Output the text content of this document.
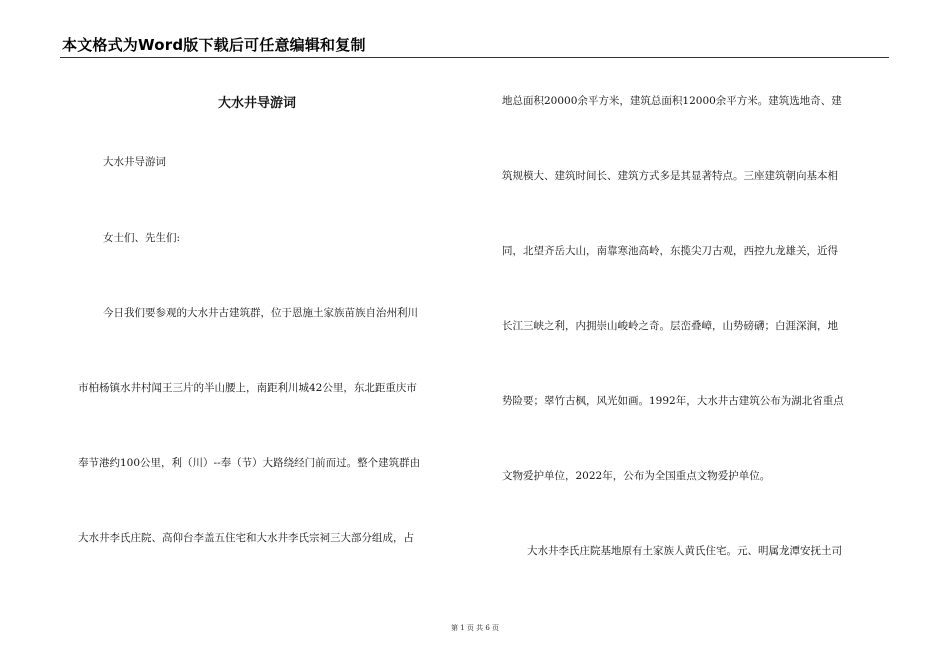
本文格式为Word版下载后可任意编辑和复制
大水井导游词
大水井导游词
女士们、先生们:
今日我们要参观的大水井古建筑群，位于恩施土家族苗族自治州利川
市柏杨镇水井村闻王三片的半山腰上，南距利川城42公里，东北距重庆市
奉节港约100公里，利（川）--奉（节）大路绕经门前而过。整个建筑群由
大水井李氏庄院、高仰台李盖五住宅和大水井李氏宗祠三大部分组成，占
地总面积20000余平方米，建筑总面积12000余平方米。建筑选地奇、建
筑规模大、建筑时间长、建筑方式多是其显著特点。三座建筑朝向基本相
同，北望齐岳大山，南靠寒池高岭，东揽尖刀古观，西控九龙雄关，近得
长江三峡之利，内拥崇山峻岭之奇。层峦叠嶂，山势磅礴；白涯深涧，地
势险要；翠竹古枫，风光如画。1992年，大水井古建筑公布为湖北省重点
文物爱护单位，2022年，公布为全国重点文物爱护单位。
大水井李氏庄院基地原有土家族人黄氏住宅。元、明属龙潭安抚土司
第 1 页 共 6 页
